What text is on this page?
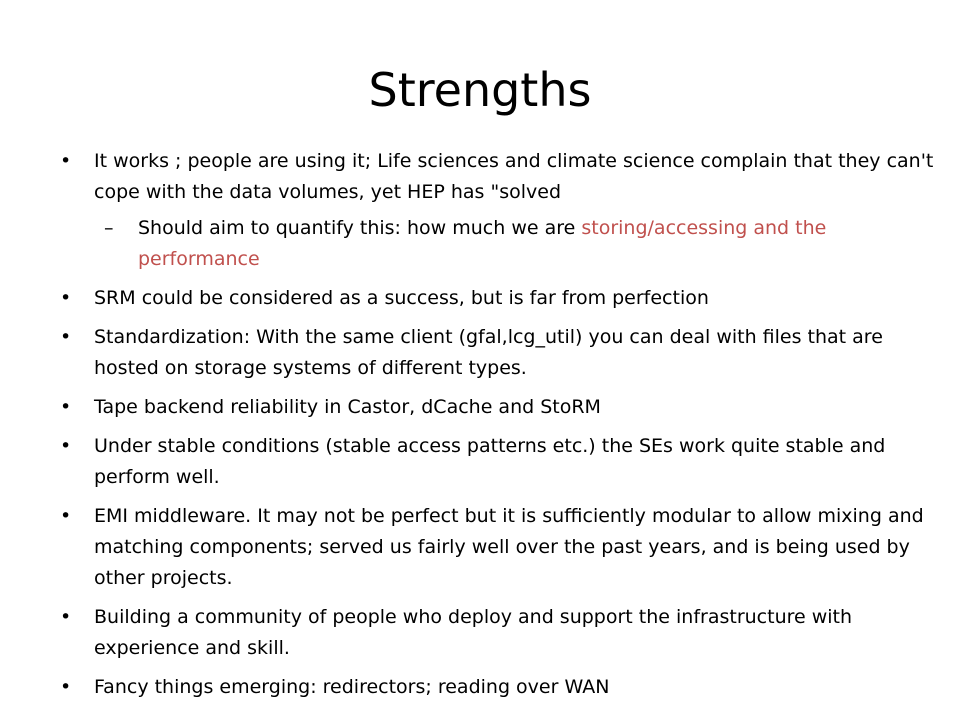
Strengths
• It works ; people are using it; Life sciences and climate science complain that they can't cope with the data volumes, yet HEP has "solved
– Should aim to quantify this: how much we are storing/accessing and the performance
• SRM could be considered as a success, but is far from perfection
• Standardization: With the same client (gfal,lcg_util) you can deal with files that are hosted on storage systems of different types.
• Tape backend reliability in Castor, dCache and StoRM
• Under stable conditions (stable access patterns etc.) the SEs work quite stable and perform well.
• EMI middleware. It may not be perfect but it is sufficiently modular to allow mixing and matching components; served us fairly well over the past years, and is being used by other projects.
• Building a community of people who deploy and support the infrastructure with experience and skill.
• Fancy things emerging: redirectors; reading over WAN
